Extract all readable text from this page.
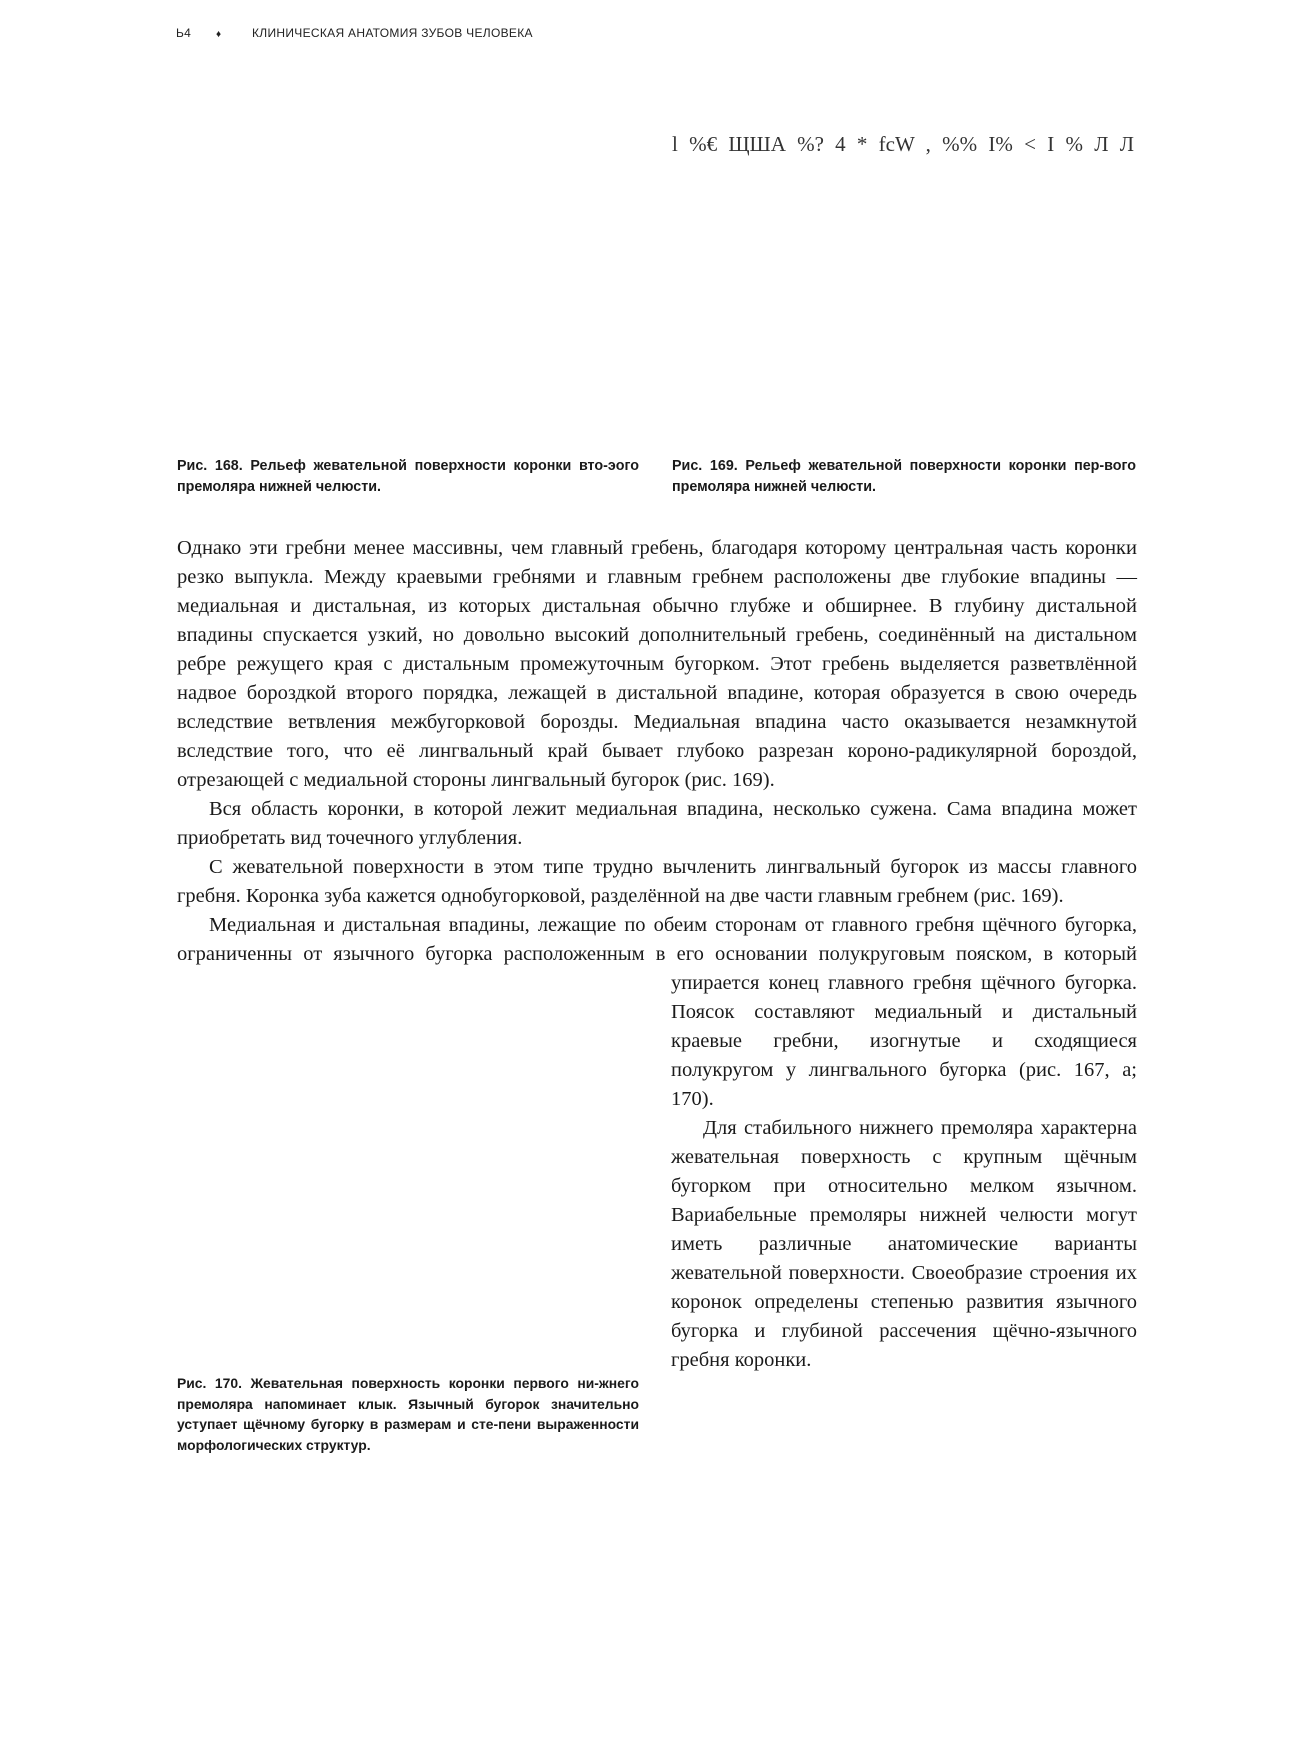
Ь4 ♦	КЛИНИЧЕСКАЯ АНАТОМИЯ ЗУБОВ ЧЕЛОВЕКА
l %€ ЩША %? 4 * fcW , %% I% < I % Л Л

Рис. 168. Рельеф жевательной поверхности коронки вто-эого премоляра нижней челюсти.

Рис. 169. Рельеф жевательной поверхности коронки пер-вого премоляра нижней челюсти.

Однако эти гребни менее массивны, чем главный гребень, благодаря которому центральная часть коронки резко выпукла. Между краевыми гребнями и главным гребнем расположены две глубокие впадины — медиальная и дистальная, из которых дистальная обычно глубже и обширнее. В глубину дистальной впадины спускается узкий, но довольно высокий дополнительный гребень, соединённый на дистальном ребре режущего края с дистальным промежуточным бугорком. Этот гребень выделяется разветвлённой надвое бороздкой второго порядка, лежащей в дистальной впадине, которая образуется в свою очередь вследствие ветвления межбугорковой борозды. Медиальная впадина часто оказывается незамкнутой вследствие того, что её лингвальный край бывает глубоко разрезан короно-радикулярной бороздой, отрезающей с медиальной стороны лингвальный бугорок (рис. 169).

Вся область коронки, в которой лежит медиальная впадина, несколько сужена. Сама впадина может приобретать вид точечного углубления.

С жевательной поверхности в этом типе трудно вычленить лингвальный бугорок из массы главного гребня. Коронка зуба кажется однобугорковой, разделённой на две части главным гребнем (рис. 169).

Медиальная и дистальная впадины, лежащие по обеим сторонам от главного гребня щёчного бугорка, ограниченны от язычного бугорка расположенным в его основании полукруговым пояском, в который упирается конец главного гребня щёчного бугорка. Поясок составляют медиальный и дистальный краевые гребни, изогнутые и сходящиеся полукругом у лингвального бугорка (рис. 167, а; 170).

Для стабильного нижнего премоляра характерна жевательная поверхность с крупным щёчным бугорком при относительно мелком язычном. Вариабельные премоляры нижней челюсти могут иметь различные анатомические варианты жевательной поверхности. Своеобразие строения их коронок определены степенью развития язычного бугорка и глубиной рассечения щёчно-язычного гребня коронки.

Рис. 170. Жевательная поверхность коронки первого ни-жнего премоляра напоминает клык. Язычный бугорок значительно уступает щёчному бугорку в размерам и сте-пени выраженности морфологических структур.
